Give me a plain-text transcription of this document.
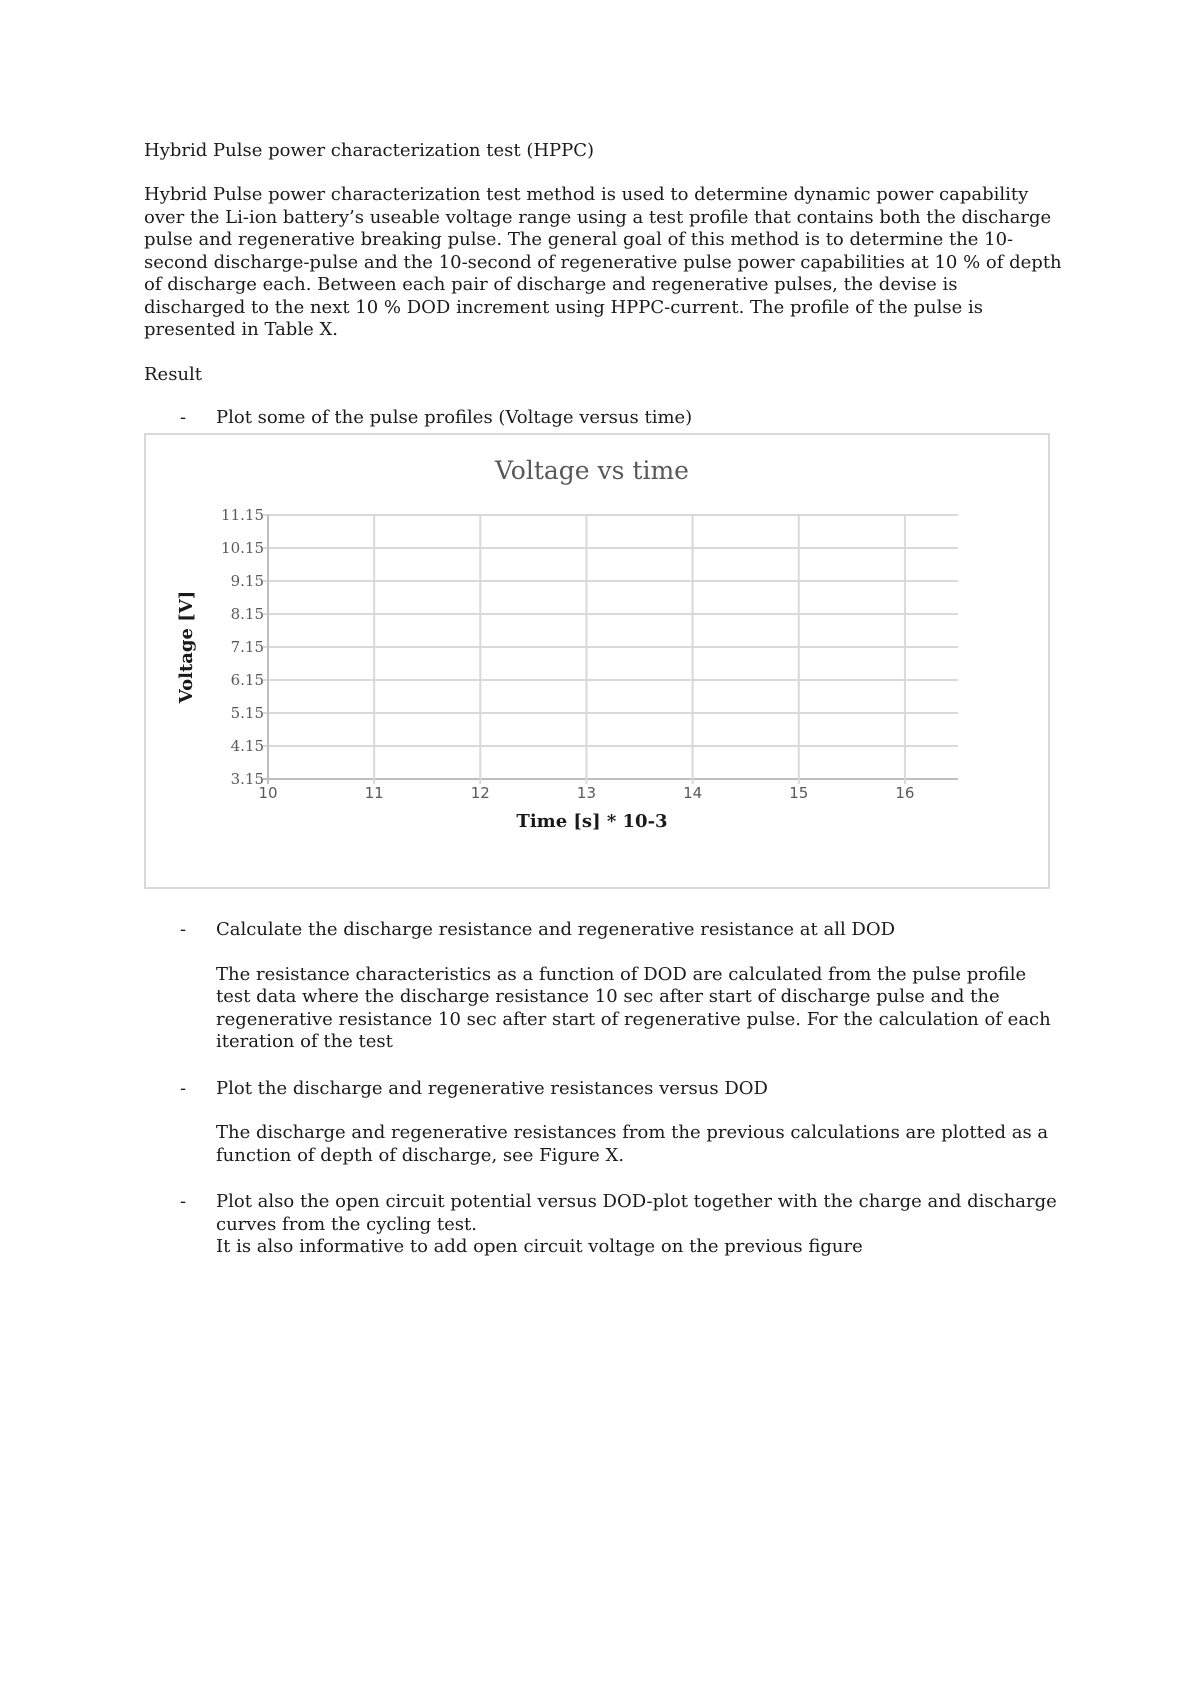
Hybrid Pulse power characterization test (HPPC)
Hybrid Pulse power characterization test method is used to determine dynamic power capability over the Li-ion battery’s useable voltage range using a test profile that contains both the discharge pulse and regenerative breaking pulse. The general goal of this method is to determine the 10-second discharge-pulse and the 10-second of regenerative pulse power capabilities at 10 % of depth of discharge each. Between each pair of discharge and regenerative pulses, the devise is discharged to the next 10 % DOD increment using HPPC-current. The profile of the pulse is presented in Table X.
Result
- Plot some of the pulse profiles (Voltage versus time)
Voltage vs time
3.15
4.15
5.15
6.15
7.15
8.15
9.15
10.15
11.15
10	11	12	13	14	15	16
Time [s] * 10-3
Voltage [V]
- Calculate the discharge resistance and regenerative resistance at all DOD
The resistance characteristics as a function of DOD are calculated from the pulse profile test data where the discharge resistance 10 sec after start of discharge pulse and the regenerative resistance 10 sec after start of regenerative pulse. For the calculation of each iteration of the test
- Plot the discharge and regenerative resistances versus DOD
The discharge and regenerative resistances from the previous calculations are plotted as a function of depth of discharge, see Figure X.
- Plot also the open circuit potential versus DOD-plot together with the charge and discharge curves from the cycling test.
It is also informative to add open circuit voltage on the previous figure
